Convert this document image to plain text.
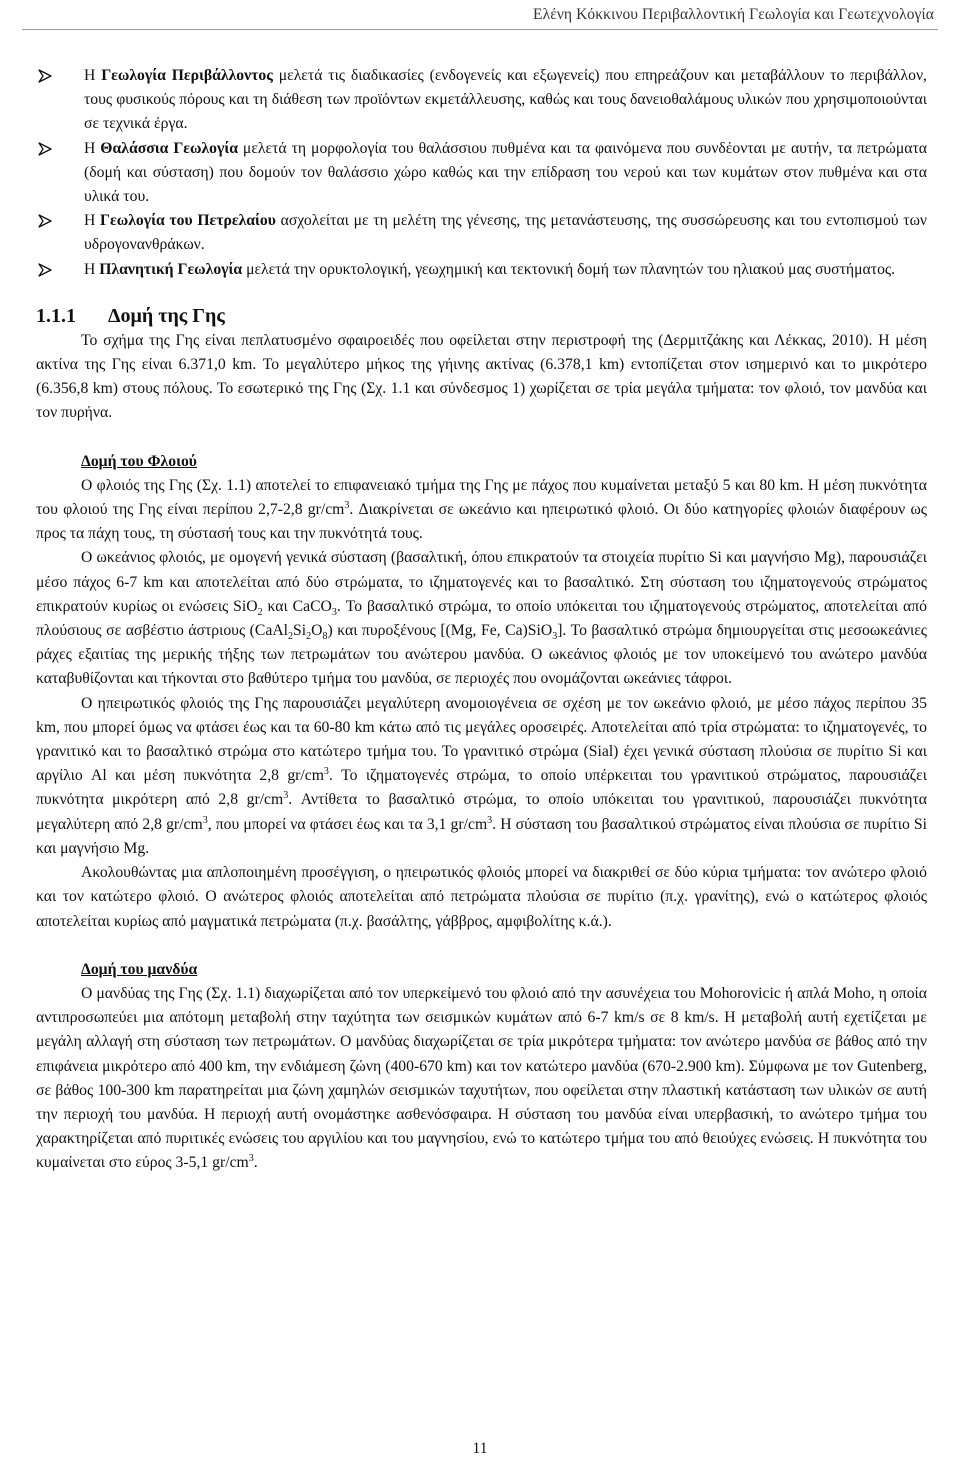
Ελένη Κόκκινου Περιβαλλοντική Γεωλογία και Γεωτεχνολογία
Η Γεωλογία Περιβάλλοντος μελετά τις διαδικασίες (ενδογενείς και εξωγενείς) που επηρεάζουν και μεταβάλλουν το περιβάλλον, τους φυσικούς πόρους και τη διάθεση των προϊόντων εκμετάλλευσης, καθώς και τους δανειοθαλάμους υλικών που χρησιμοποιούνται σε τεχνικά έργα.
Η Θαλάσσια Γεωλογία μελετά τη μορφολογία του θαλάσσιου πυθμένα και τα φαινόμενα που συνδέονται με αυτήν, τα πετρώματα (δομή και σύσταση) που δομούν τον θαλάσσιο χώρο καθώς και την επίδραση του νερού και των κυμάτων στον πυθμένα και στα υλικά του.
Η Γεωλογία του Πετρελαίου ασχολείται με τη μελέτη της γένεσης, της μετανάστευσης, της συσσώρευσης και του εντοπισμού των υδρογονανθράκων.
Η Πλανητική Γεωλογία μελετά την ορυκτολογική, γεωχημική και τεκτονική δομή των πλανητών του ηλιακού μας συστήματος.
1.1.1 Δομή της Γης

Το σχήμα της Γης είναι πεπλατυσμένο σφαιροειδές που οφείλεται στην περιστροφή της (Δερμιτζάκης και Λέκκας, 2010). Η μέση ακτίνα της Γης είναι 6.371,0 km. Το μεγαλύτερο μήκος της γήινης ακτίνας (6.378,1 km) εντοπίζεται στον ισημερινό και το μικρότερο (6.356,8 km) στους πόλους. Το εσωτερικό της Γης (Σχ. 1.1 και σύνδεσμος 1) χωρίζεται σε τρία μεγάλα τμήματα: τον φλοιό, τον μανδύα και τον πυρήνα.

Δομή του Φλοιού

Ο φλοιός της Γης (Σχ. 1.1) αποτελεί το επιφανειακό τμήμα της Γης με πάχος που κυμαίνεται μεταξύ 5 και 80 km. Η μέση πυκνότητα του φλοιού της Γης είναι περίπου 2,7-2,8 $gr/cm^3$. Διακρίνεται σε ωκεάνιο και ηπειρωτικό φλοιό. Οι δύο κατηγορίες φλοιών διαφέρουν ως προς τα πάχη τους, τη σύστασή τους και την πυκνότητά τους.

Ο ωκεάνιος φλοιός, με ομογενή γενικά σύσταση (βασαλτική, όπου επικρατούν τα στοιχεία πυρίτιο Si και μαγνήσιο Mg), παρουσιάζει μέσο πάχος 6-7 km και αποτελείται από δύο στρώματα, το ιζηματογενές και το βασαλτικό. Στη σύσταση του ιζηματογενούς στρώματος επικρατούν κυρίως οι ενώσεις SiO$_2$ και CaCO$_3$. Το βασαλτικό στρώμα, το οποίο υπόκειται του ιζηματογενούς στρώματος, αποτελείται από πλούσιους σε ασβέστιο άστριους $(CaAl_2Si_2O_8)$ και πυροξένους [(Mg, Fe, Ca)SiO$_3$]. Το βασαλτικό στρώμα δημιουργείται στις μεσοωκεάνιες ράχες εξαιτίας της μερικής τήξης των πετρωμάτων του ανώτερου μανδύα. Ο ωκεάνιος φλοιός με τον υποκείμενό του ανώτερο μανδύα καταβυθίζονται και τήκονται στο βαθύτερο τμήμα του μανδύα, σε περιοχές που ονομάζονται ωκεάνιες τάφροι.

Ο ηπειρωτικός φλοιός της Γης παρουσιάζει μεγαλύτερη ανομοιογένεια σε σχέση με τον ωκεάνιο φλοιό, με μέσο πάχος περίπου 35 km, που μπορεί όμως να φτάσει έως και τα 60-80 km κάτω από τις μεγάλες οροσειρές. Αποτελείται από τρία στρώματα: το ιζηματογενές, το γρανιτικό και το βασαλτικό στρώμα στο κατώτερο τμήμα του. Το γρανιτικό στρώμα (Sial) έχει γενικά σύσταση πλούσια σε πυρίτιο Si και αργίλιο Al και μέση πυκνότητα 2,8 $gr/cm^3$. Το ιζηματογενές στρώμα, το οποίο υπέρκειται του γρανιτικού στρώματος, παρουσιάζει πυκνότητα μικρότερη από 2,8 $gr/cm^3$. Αντίθετα το βασαλτικό στρώμα, το οποίο υπόκειται του γρανιτικού, παρουσιάζει πυκνότητα μεγαλύτερη από 2,8 $gr/cm^3$, που μπορεί να φτάσει έως και τα 3,1 $gr/cm^3$. Η σύσταση του βασαλτικού στρώματος είναι πλούσια σε πυρίτιο Si και μαγνήσιο Mg.

Ακολουθώντας μια απλοποιημένη προσέγγιση, ο ηπειρωτικός φλοιός μπορεί να διακριθεί σε δύο κύρια τμήματα: τον ανώτερο φλοιό και τον κατώτερο φλοιό. Ο ανώτερος φλοιός αποτελείται από πετρώματα πλούσια σε πυρίτιο (π.χ. γρανίτης), ενώ ο κατώτερος φλοιός αποτελείται κυρίως από μαγματικά πετρώματα (π.χ. βασάλτης, γάββρος, αμφιβολίτης κ.ά.).

Δομή του μανδύα

Ο μανδύας της Γης (Σχ. 1.1) διαχωρίζεται από τον υπερκείμενό του φλοιό από την ασυνέχεια του Mohorovicic ή απλά Moho, η οποία αντιπροσωπεύει μια απότομη μεταβολή στην ταχύτητα των σεισμικών κυμάτων από 6-7 km/s σε 8 km/s. Η μεταβολή αυτή εχετίζεται με μεγάλη αλλαγή στη σύσταση των πετρωμάτων. Ο μανδύας διαχωρίζεται σε τρία μικρότερα τμήματα: τον ανώτερο μανδύα σε βάθος από την επιφάνεια μικρότερο από 400 km, την ενδιάμεση ζώνη (400-670 km) και τον κατώτερο μανδύα (670-2.900 km). Σύμφωνα με τον Gutenberg, σε βάθος 100-300 km παρατηρείται μια ζώνη χαμηλών σεισμικών ταχυτήτων, που οφείλεται στην πλαστική κατάσταση των υλικών σε αυτή την περιοχή του μανδύα. Η περιοχή αυτή ονομάστηκε ασθενόσφαιρα. Η σύσταση του μανδύα είναι υπερβασική, το ανώτερο τμήμα του χαρακτηρίζεται από πυριτικές ενώσεις του αργιλίου και του μαγνησίου, ενώ το κατώτερο τμήμα του από θειούχες ενώσεις. Η πυκνότητα του κυμαίνεται στο εύρος 3-5,1 $gr/cm^3$.

11
